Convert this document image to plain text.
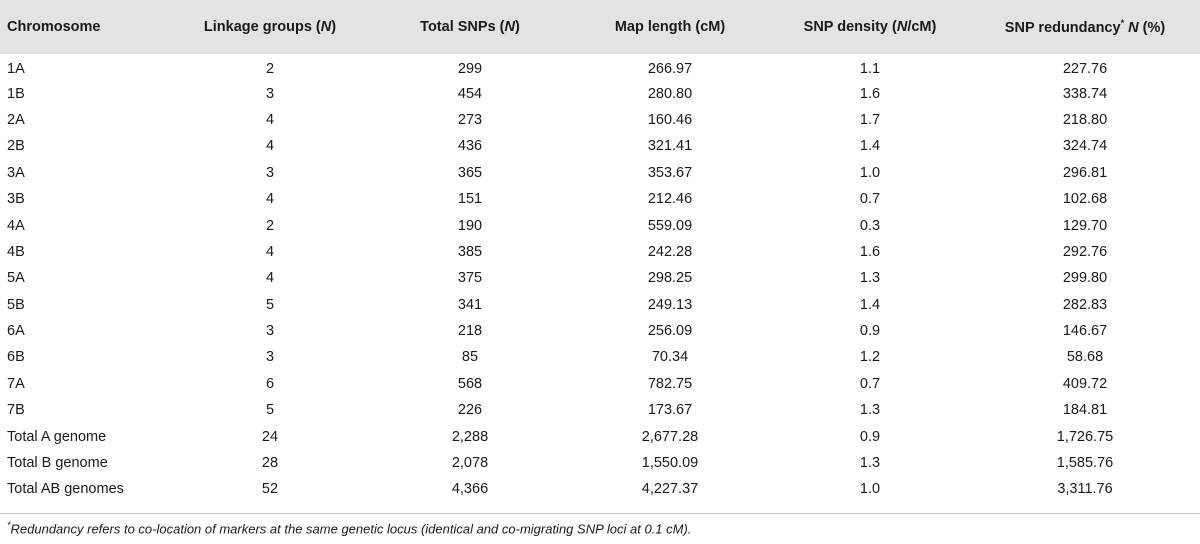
Chromosome	Linkage groups (N)	Total SNPs (N)	Map length (cM)	SNP density (N/cM)	SNP redundancy* N (%)
1A	2	299	266.97	1.1	227.76
1B	3	454	280.80	1.6	338.74
2A	4	273	160.46	1.7	218.80
2B	4	436	321.41	1.4	324.74
3A	3	365	353.67	1.0	296.81
3B	4	151	212.46	0.7	102.68
4A	2	190	559.09	0.3	129.70
4B	4	385	242.28	1.6	292.76
5A	4	375	298.25	1.3	299.80
5B	5	341	249.13	1.4	282.83
6A	3	218	256.09	0.9	146.67
6B	3	85	70.34	1.2	58.68
7A	6	568	782.75	0.7	409.72
7B	5	226	173.67	1.3	184.81
Total A genome	24	2,288	2,677.28	0.9	1,726.75
Total B genome	28	2,078	1,550.09	1.3	1,585.76
Total AB genomes	52	4,366	4,227.37	1.0	3,311.76
*Redundancy refers to co-location of markers at the same genetic locus (identical and co-migrating SNP loci at 0.1 cM).
